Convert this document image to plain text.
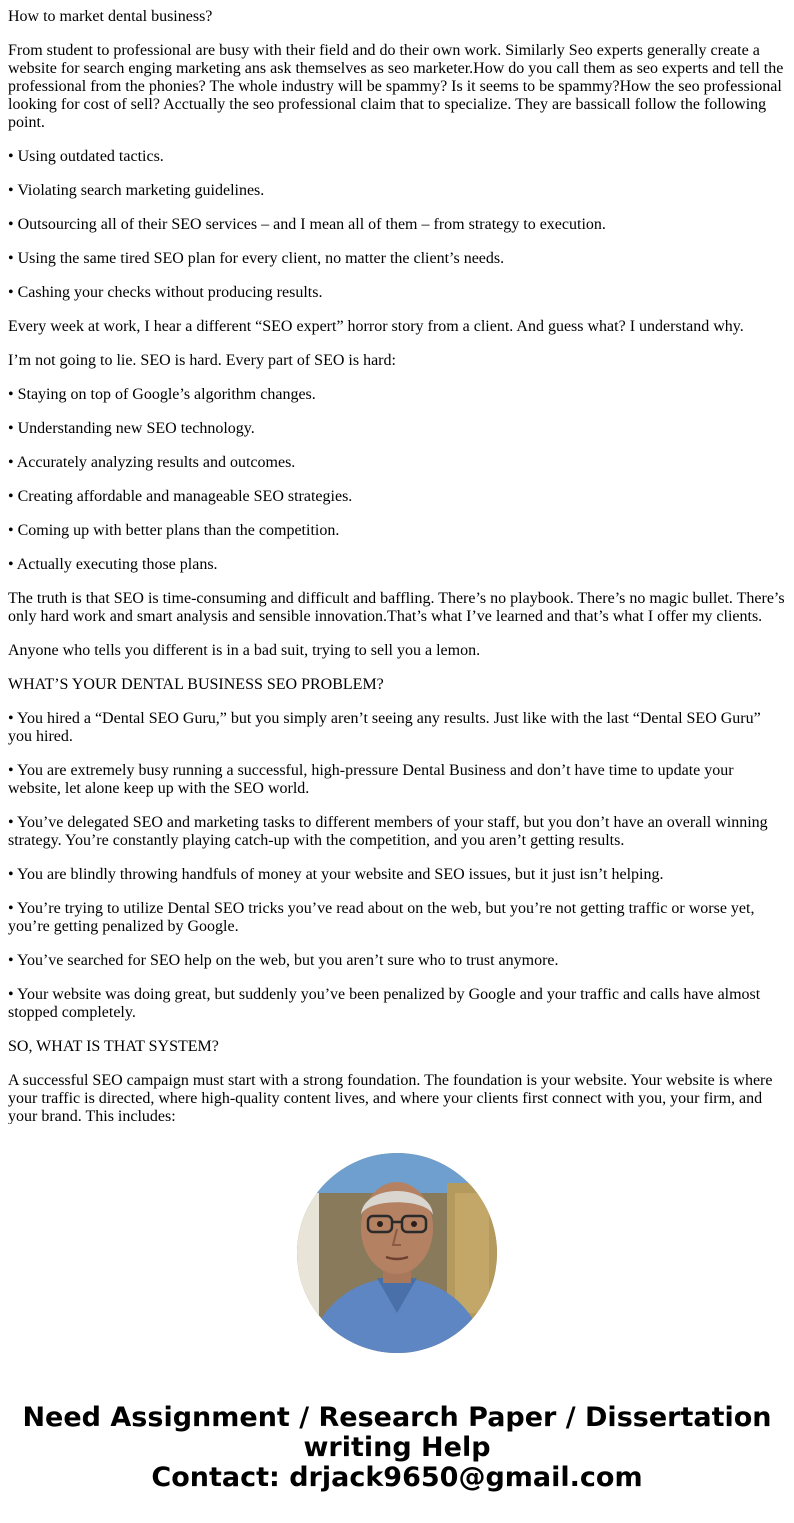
How to market dental business?

From student to professional are busy with their field and do their own work. Similarly Seo experts generally create a website for search enging marketing ans ask themselves as seo marketer.How do you call them as seo experts and tell the professional from the phonies? The whole industry will be spammy? Is it seems to be spammy?How the seo professional looking for cost of sell? Acctually the seo professional claim that to specialize. They are bassicall follow the following point.

• Using outdated tactics.

• Violating search marketing guidelines.

• Outsourcing all of their SEO services – and I mean all of them – from strategy to execution.

• Using the same tired SEO plan for every client, no matter the client’s needs.

• Cashing your checks without producing results.

Every week at work, I hear a different “SEO expert” horror story from a client. And guess what? I understand why.

I’m not going to lie. SEO is hard. Every part of SEO is hard:

• Staying on top of Google’s algorithm changes.

• Understanding new SEO technology.

• Accurately analyzing results and outcomes.

• Creating affordable and manageable SEO strategies.

• Coming up with better plans than the competition.

• Actually executing those plans.

The truth is that SEO is time-consuming and difficult and baffling. There’s no playbook. There’s no magic bullet. There’s only hard work and smart analysis and sensible innovation.That’s what I’ve learned and that’s what I offer my clients.

Anyone who tells you different is in a bad suit, trying to sell you a lemon.

WHAT’S YOUR DENTAL BUSINESS SEO PROBLEM?

• You hired a “Dental SEO Guru,” but you simply aren’t seeing any results. Just like with the last “Dental SEO Guru” you hired.

• You are extremely busy running a successful, high-pressure Dental Business and don’t have time to update your website, let alone keep up with the SEO world.

• You’ve delegated SEO and marketing tasks to different members of your staff, but you don’t have an overall winning strategy. You’re constantly playing catch-up with the competition, and you aren’t getting results.

• You are blindly throwing handfuls of money at your website and SEO issues, but it just isn’t helping.

• You’re trying to utilize Dental SEO tricks you’ve read about on the web, but you’re not getting traffic or worse yet, you’re getting penalized by Google.

• You’ve searched for SEO help on the web, but you aren’t sure who to trust anymore.

• Your website was doing great, but suddenly you’ve been penalized by Google and your traffic and calls have almost stopped completely.

SO, WHAT IS THAT SYSTEM?

A successful SEO campaign must start with a strong foundation. The foundation is your website. Your website is where your traffic is directed, where high-quality content lives, and where your clients first connect with you, your firm, and your brand. This includes:

Need Assignment / Research Paper / Dissertation
writing Help
Contact: drjack9650@gmail.com
